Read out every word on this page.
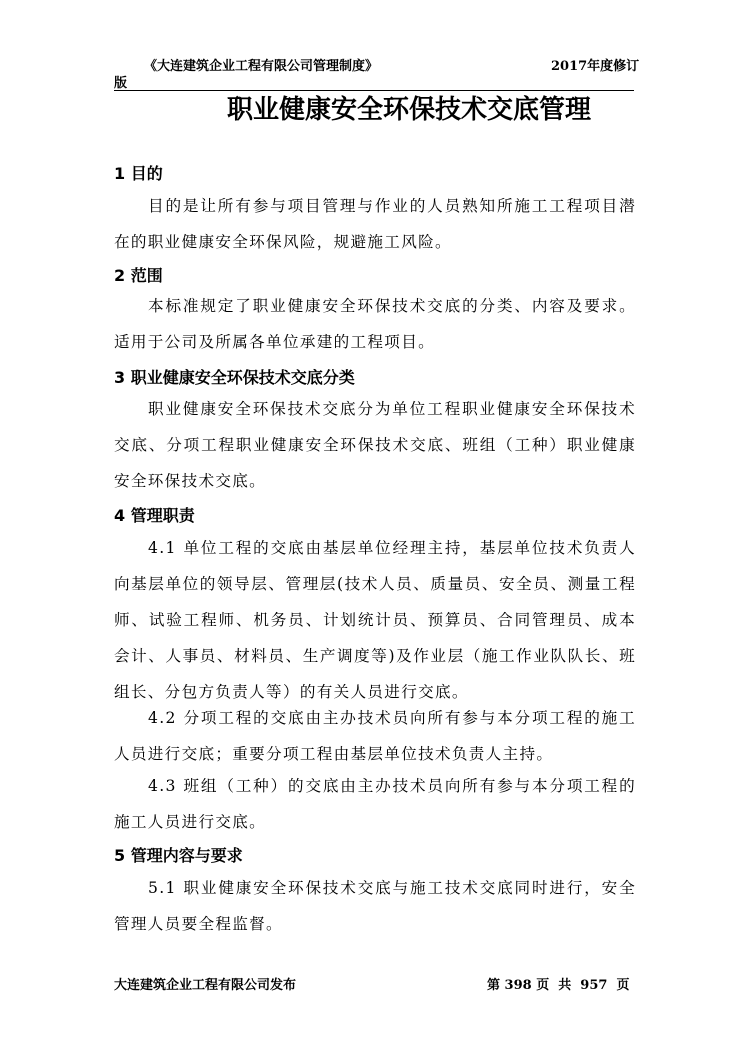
《大连建筑企业工程有限公司管理制度》	2017年度修订
版
职业健康安全环保技术交底管理
1 目的
目的是让所有参与项目管理与作业的人员熟知所施工工程项目潜在的职业健康安全环保风险，规避施工风险。
2 范围
本标准规定了职业健康安全环保技术交底的分类、内容及要求。适用于公司及所属各单位承建的工程项目。
3 职业健康安全环保技术交底分类
职业健康安全环保技术交底分为单位工程职业健康安全环保技术交底、分项工程职业健康安全环保技术交底、班组（工种）职业健康安全环保技术交底。
4 管理职责
4.1 单位工程的交底由基层单位经理主持，基层单位技术负责人向基层单位的领导层、管理层(技术人员、质量员、安全员、测量工程师、试验工程师、机务员、计划统计员、预算员、合同管理员、成本会计、人事员、材料员、生产调度等)及作业层（施工作业队队长、班组长、分包方负责人等）的有关人员进行交底。
4.2 分项工程的交底由主办技术员向所有参与本分项工程的施工人员进行交底；重要分项工程由基层单位技术负责人主持。
4.3 班组（工种）的交底由主办技术员向所有参与本分项工程的施工人员进行交底。
5 管理内容与要求
5.1 职业健康安全环保技术交底与施工技术交底同时进行，安全管理人员要全程监督。
大连建筑企业工程有限公司发布	第 398 页  共  957  页
